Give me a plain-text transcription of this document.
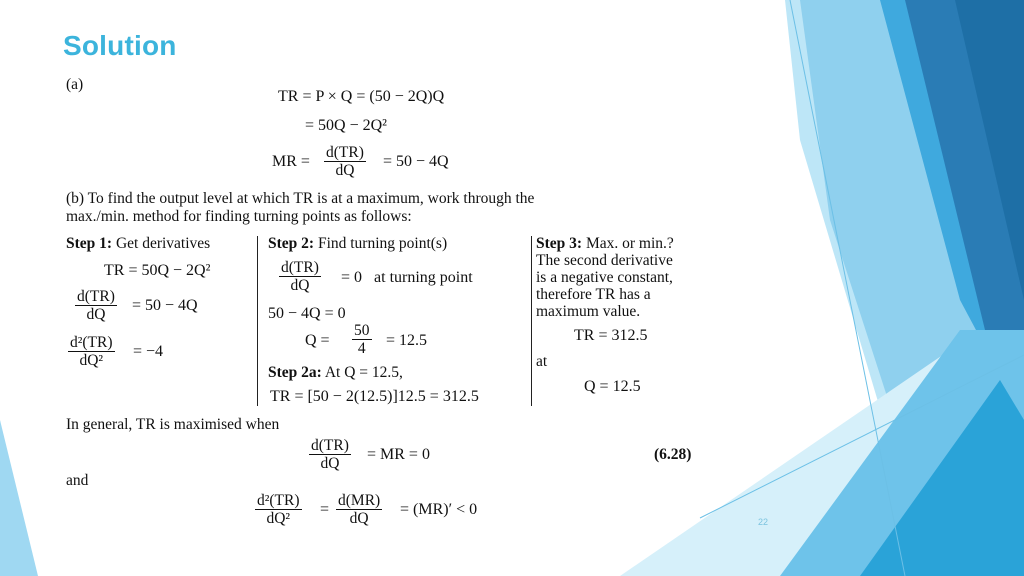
Solution
(a)
TR = P × Q = (50 − 2Q)Q
= 50Q − 2Q²
MR =
d(TR)
dQ
= 50 − 4Q
(b) To find the output level at which TR is at a maximum, work through the
max./min. method for finding turning points as follows:
Step 1: Get derivatives
TR = 50Q − 2Q²
d(TR)
dQ
= 50 − 4Q
d²(TR)
dQ²
= −4
Step 2: Find turning point(s)
d(TR)
dQ	= 0   at turning point
50 − 4Q = 0
Q =
50
4	= 12.5
Step 2a: At Q = 12.5,
TR = [50 − 2(12.5)]12.5 = 312.5
Step 3: Max. or min.?
The second derivative
is a negative constant,
therefore TR has a
maximum value.
TR = 312.5
at
Q = 12.5
In general, TR is maximised when
d(TR)
dQ
= MR = 0	(6.28)
and
d²(TR)
dQ²
=
d(MR)
dQ
= (MR)′ < 0
22
